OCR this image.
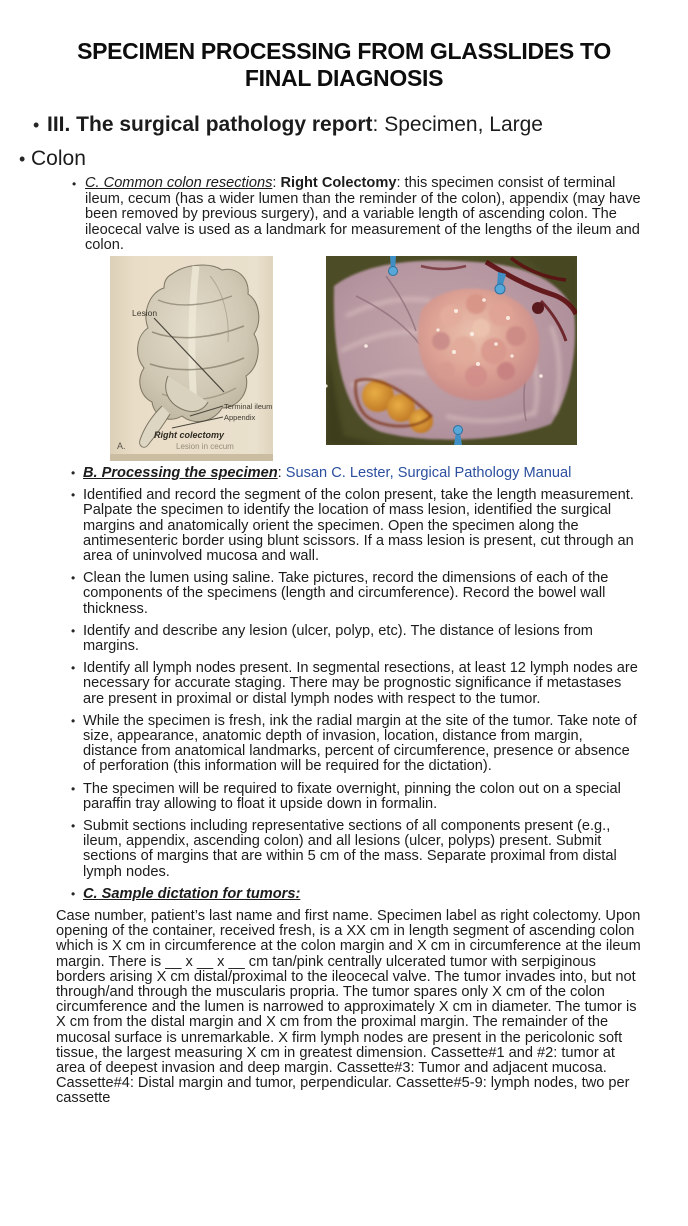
SPECIMEN PROCESSING FROM GLASSLIDES TO
FINAL DIAGNOSIS
• III. The surgical pathology report: Specimen, Large
• Colon
• C. Common colon resections: Right Colectomy: this specimen consist of terminal ileum, cecum (has a wider lumen than the reminder of the colon), appendix (may have been removed by previous surgery), and a variable length of ascending colon. The ileocecal valve is used as a landmark for measurement of the lengths of the ileum and colon.
Lesion
Terminal ileum
Appendix
Right colectomy
Lesion in cecum
A.
• B. Processing the specimen: Susan C. Lester, Surgical Pathology Manual
• Identified and record the segment of the colon present, take the length measurement. Palpate the specimen to identify the location of mass lesion, identified the surgical margins and anatomically orient the specimen. Open the specimen along the antimesenteric border using blunt scissors. If a mass lesion is present, cut through an area of uninvolved mucosa and wall.
• Clean the lumen using saline. Take pictures, record the dimensions of each of the components of the specimens (length and circumference). Record the bowel wall thickness.
• Identify and describe any lesion (ulcer, polyp, etc). The distance of lesions from margins.
• Identify all lymph nodes present. In segmental resections, at least 12 lymph nodes are necessary for accurate staging. There may be prognostic significance if metastases are present in proximal or distal lymph nodes with respect to the tumor.
• While the specimen is fresh, ink the radial margin at the site of the tumor. Take note of size, appearance, anatomic depth of invasion, location, distance from margin, distance from anatomical landmarks, percent of circumference, presence or absence of perforation (this information will be required for the dictation).
• The specimen will be required to fixate overnight, pinning the colon out on a special paraffin tray allowing to float it upside down in formalin.
• Submit sections including representative sections of all components present (e.g., ileum, appendix, ascending colon) and all lesions (ulcer, polyps) present. Submit sections of margins that are within 5 cm of the mass. Separate proximal from distal lymph nodes.
• C. Sample dictation for tumors:
Case number, patient’s last name and first name. Specimen label as right colectomy. Upon opening of the container, received fresh, is a XX cm in length segment of ascending colon which is X cm in circumference at the colon margin and X cm in circumference at the ileum margin. There is __ x __ x __ cm tan/pink centrally ulcerated tumor with serpiginous borders arising X cm distal/proximal to the ileocecal valve. The tumor invades into, but not through/and through the muscularis propria. The tumor spares only X cm of the colon circumference and the lumen is narrowed to approximately X cm in diameter. The tumor is X cm from the distal margin and X cm from the proximal margin. The remainder of the mucosal surface is unremarkable. X firm lymph nodes are present in the pericolonic soft tissue, the largest measuring X cm in greatest dimension. Cassette#1 and #2: tumor at area of deepest invasion and deep margin. Cassette#3: Tumor and adjacent mucosa. Cassette#4: Distal margin and tumor, perpendicular. Cassette#5-9: lymph nodes, two per cassette
